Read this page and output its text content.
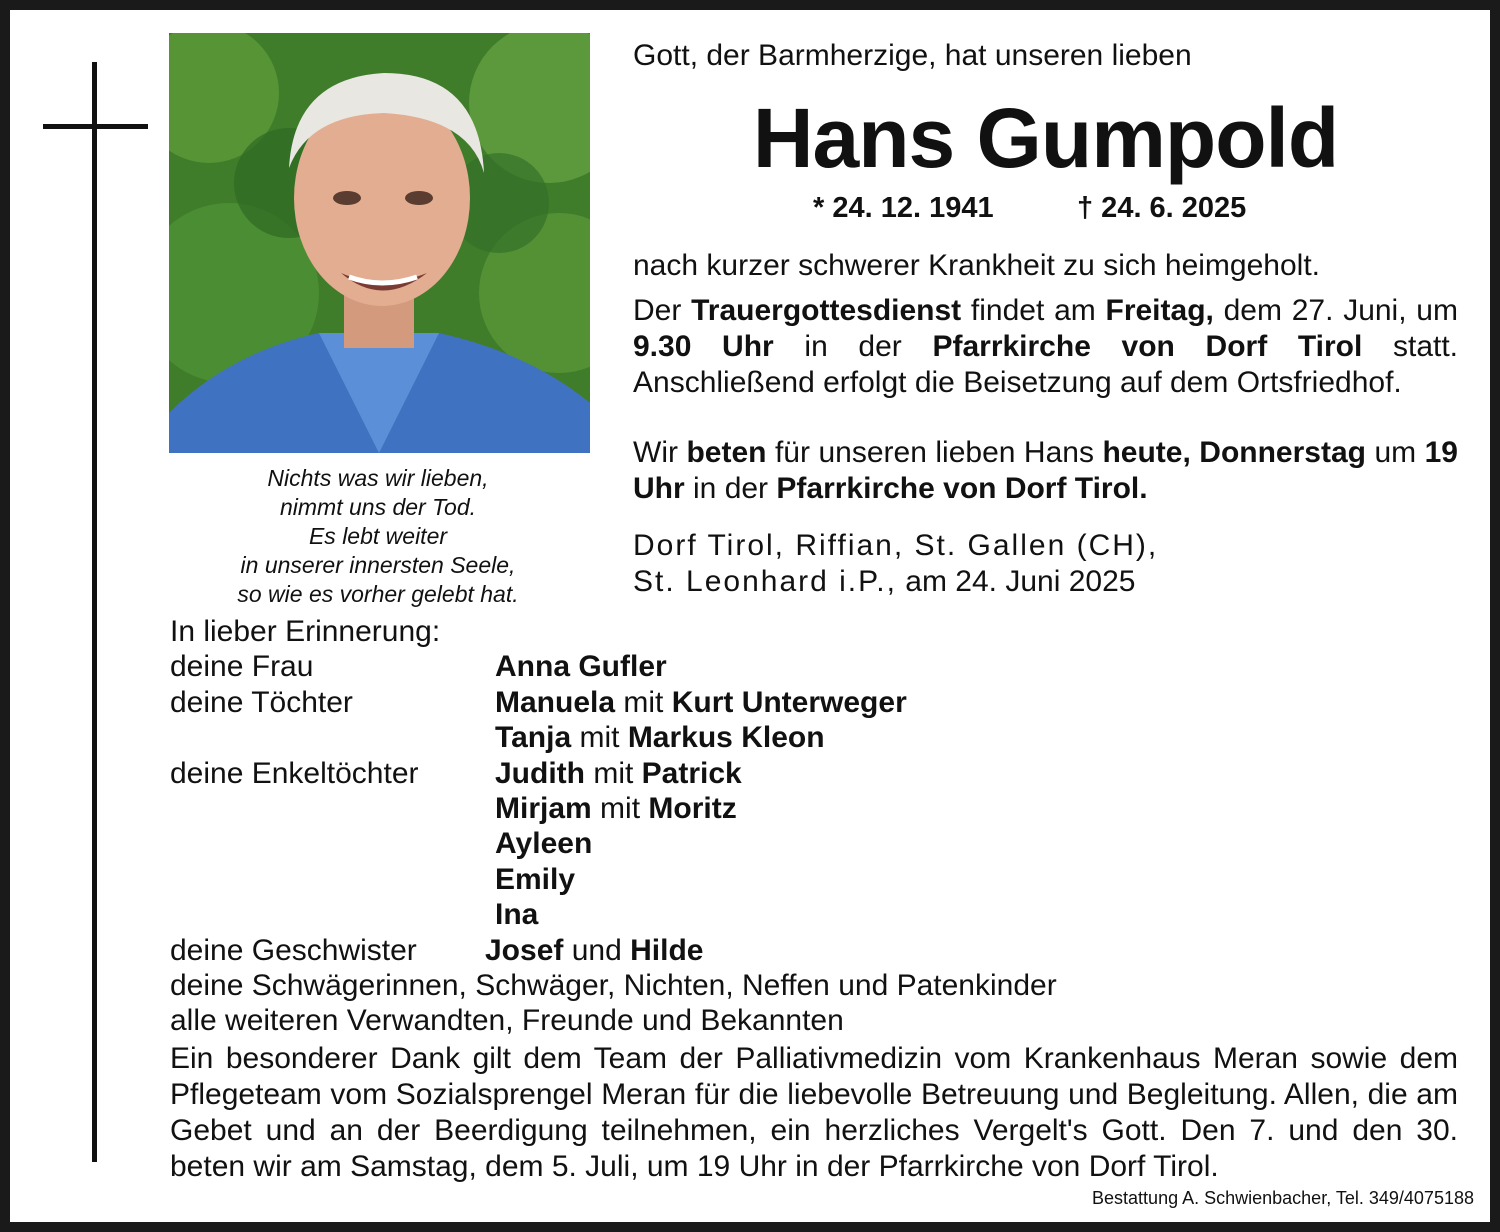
Nichts was wir lieben,
nimmt uns der Tod.
Es lebt weiter
in unserer innersten Seele,
so wie es vorher gelebt hat.
Gott, der Barmherzige, hat unseren lieben
Hans Gumpold
* 24. 12. 1941	† 24. 6. 2025
nach kurzer schwerer Krankheit zu sich heimgeholt.
Der Trauergottesdienst findet am Freitag, dem 27. Juni, um 9.30 Uhr in der Pfarrkirche von Dorf Tirol statt. Anschließend erfolgt die Beisetzung auf dem Ortsfriedhof.
Wir beten für unseren lieben Hans heute, Donnerstag um 19 Uhr in der Pfarrkirche von Dorf Tirol.
Dorf Tirol, Riffian, St. Gallen (CH),
St. Leonhard i.P., am 24. Juni 2025
In lieber Erinnerung:
deine Frau	Anna Gufler
deine Töchter	Manuela mit Kurt Unterweger
Tanja mit Markus Kleon
deine Enkeltöchter	Judith mit Patrick
Mirjam mit Moritz
Ayleen
Emily
Ina
deine Geschwister Josef und Hilde
deine Schwägerinnen, Schwäger, Nichten, Neffen und Patenkinder
alle weiteren Verwandten, Freunde und Bekannten
Ein besonderer Dank gilt dem Team der Palliativmedizin vom Krankenhaus Meran sowie dem Pflegeteam vom Sozialsprengel Meran für die liebevolle Betreuung und Begleitung. Allen, die am Gebet und an der Beerdigung teilnehmen, ein herzliches Vergelt's Gott. Den 7. und den 30. beten wir am Samstag, dem 5. Juli, um 19 Uhr in der Pfarrkirche von Dorf Tirol.
Bestattung A. Schwienbacher, Tel. 349/4075188
